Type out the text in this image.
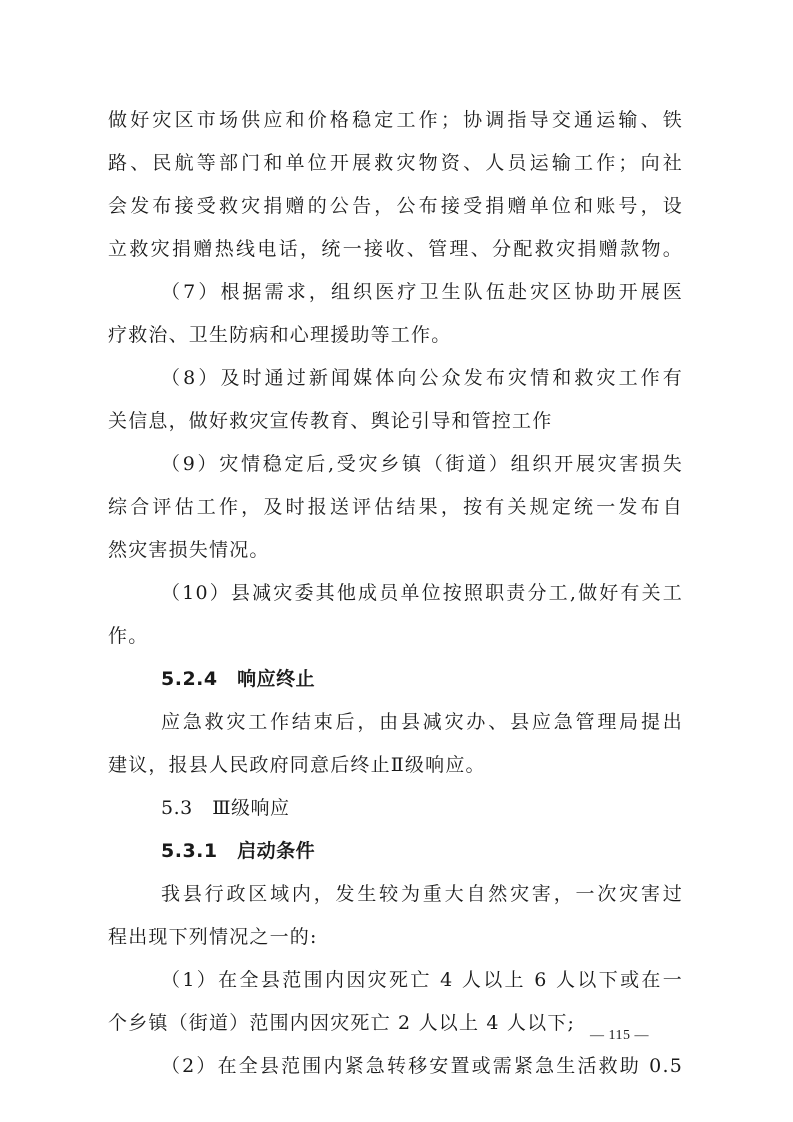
做好灾区市场供应和价格稳定工作；协调指导交通运输、铁
路、民航等部门和单位开展救灾物资、人员运输工作；向社
会发布接受救灾捐赠的公告，公布接受捐赠单位和账号，设
立救灾捐赠热线电话，统一接收、管理、分配救灾捐赠款物。
（7）根据需求，组织医疗卫生队伍赴灾区协助开展医
疗救治、卫生防病和心理援助等工作。
（8）及时通过新闻媒体向公众发布灾情和救灾工作有
关信息，做好救灾宣传教育、舆论引导和管控工作
（9）灾情稳定后,受灾乡镇（街道）组织开展灾害损失
综合评估工作，及时报送评估结果，按有关规定统一发布自
然灾害损失情况。
（10）县减灾委其他成员单位按照职责分工,做好有关工
作。
5.2.4　响应终止
应急救灾工作结束后，由县减灾办、县应急管理局提出
建议，报县人民政府同意后终止Ⅱ级响应。
5.3　Ⅲ级响应
5.3.1　启动条件
我县行政区域内，发生较为重大自然灾害，一次灾害过
程出现下列情况之一的:
（1）在全县范围内因灾死亡 4 人以上 6 人以下或在一
个乡镇（街道）范围内因灾死亡 2 人以上 4 人以下;
（2）在全县范围内紧急转移安置或需紧急生活救助 0.5
— 115 —
